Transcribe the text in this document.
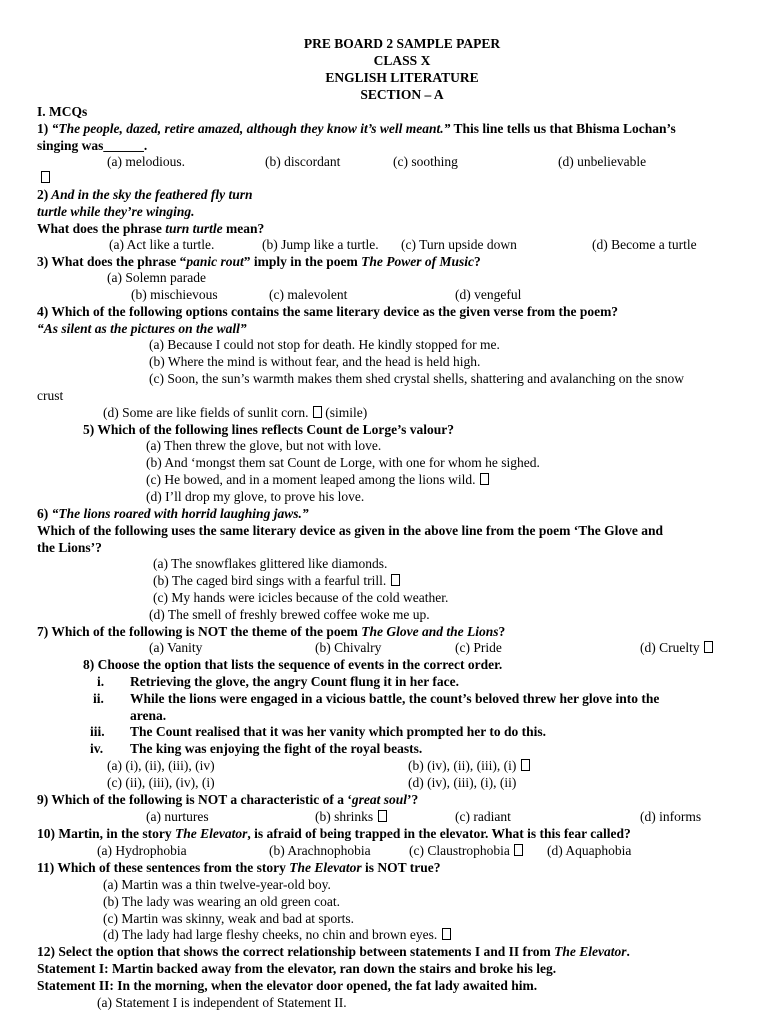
PRE BOARD 2 SAMPLE PAPER
CLASS X
ENGLISH LITERATURE
SECTION – A
I. MCQs
1) “The people, dazed, retire amazed, although they know it’s well meant.” This line tells us that Bhisma Lochan’s
singing was______.
(a) melodious.	(b) discordant	(c) soothing	(d) unbelievable
2) And in the sky the feathered fly turn
turtle while they’re winging.
What does the phrase turn turtle mean?
(a) Act like a turtle.	(b) Jump like a turtle. (c) Turn upside down	(d) Become a turtle
3) What does the phrase “panic rout” imply in the poem The Power of Music?
(a) Solemn parade
(b) mischievous	(c) malevolent	(d) vengeful
4) Which of the following options contains the same literary device as the given verse from the poem?
“As silent as the pictures on the wall”
(a) Because I could not stop for death. He kindly stopped for me.
(b) Where the mind is without fear, and the head is held high.
(c) Soon, the sun’s warmth makes them shed crystal shells, shattering and avalanching on the snow
crust
(d) Some are like fields of sunlit corn.  (simile)
5) Which of the following lines reflects Count de Lorge’s valour?
(a) Then threw the glove, but not with love.
(b) And ‘mongst them sat Count de Lorge, with one for whom he sighed.
(c) He bowed, and in a moment leaped among the lions wild.
(d) I’ll drop my glove, to prove his love.
6) “The lions roared with horrid laughing jaws.”
Which of the following uses the same literary device as given in the above line from the poem ‘The Glove and
the Lions’?
(a) The snowflakes glittered like diamonds.
(b) The caged bird sings with a fearful trill.
(c) My hands were icicles because of the cold weather.
(d) The smell of freshly brewed coffee woke me up.
7) Which of the following is NOT the theme of the poem The Glove and the Lions?
(a) Vanity	(b) Chivalry	(c) Pride	(d) Cruelty
8) Choose the option that lists the sequence of events in the correct order.
i. Retrieving the glove, the angry Count flung it in her face.
ii. While the lions were engaged in a vicious battle, the count’s beloved threw her glove into the
arena.
iii. The Count realised that it was her vanity which prompted her to do this.
iv. The king was enjoying the fight of the royal beasts.
(a) (i), (ii), (iii), (iv)	(b) (iv), (ii), (iii), (i)
(c) (ii), (iii), (iv), (i)	(d) (iv), (iii), (i), (ii)
9) Which of the following is NOT a characteristic of a ‘great soul’?
(a) nurtures	(b) shrinks	(c) radiant	(d) informs
10) Martin, in the story The Elevator, is afraid of being trapped in the elevator. What is this fear called?
(a) Hydrophobia	(b) Arachnophobia	(c) Claustrophobia	(d) Aquaphobia
11) Which of these sentences from the story The Elevator is NOT true?
(a) Martin was a thin twelve-year-old boy.
(b) The lady was wearing an old green coat.
(c) Martin was skinny, weak and bad at sports.
(d) The lady had large fleshy cheeks, no chin and brown eyes.
12) Select the option that shows the correct relationship between statements I and II from The Elevator.
Statement I: Martin backed away from the elevator, ran down the stairs and broke his leg.
Statement II: In the morning, when the elevator door opened, the fat lady awaited him.
(a) Statement I is independent of Statement II.
